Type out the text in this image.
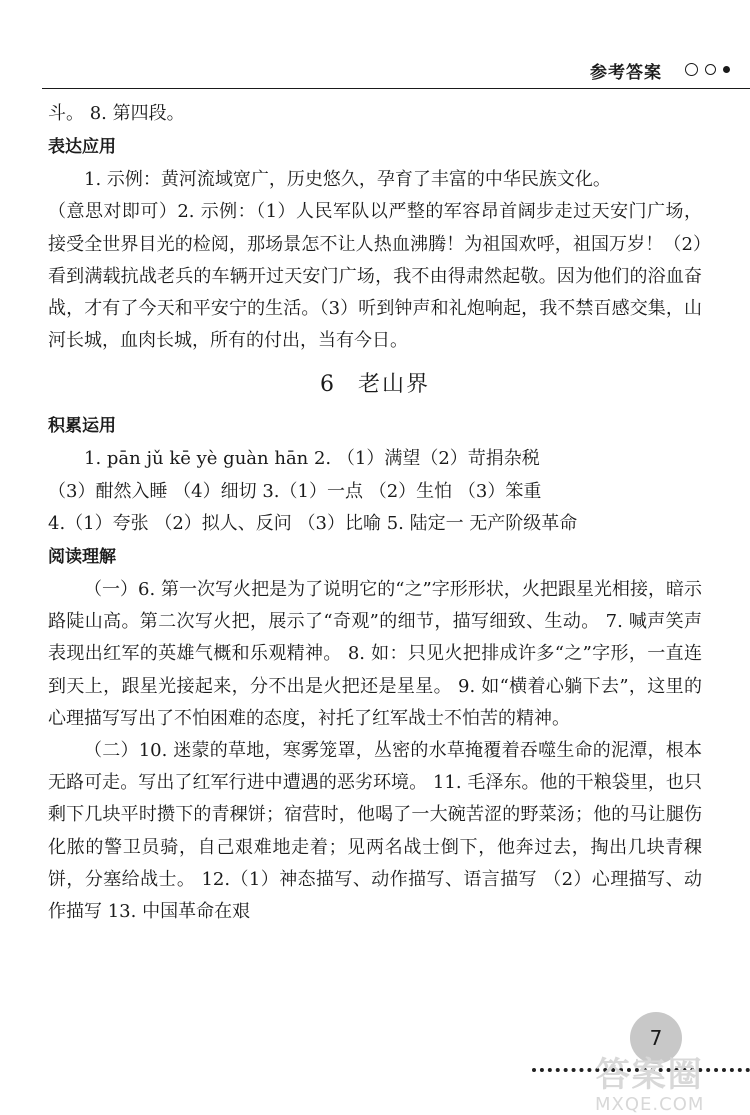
参考答案

斗。 8. 第四段。

表达应用

1. 示例：黄河流域宽广，历史悠久，孕育了丰富的中华民族文化。

（意思对即可）2. 示例：（1）人民军队以严整的军容昂首阔步走过天安门广场，接受全世界目光的检阅，那场景怎不让人热血沸腾！为祖国欢呼，祖国万岁！（2）看到满载抗战老兵的车辆开过天安门广场，我不由得肃然起敬。因为他们的浴血奋战，才有了今天和平安宁的生活。（3）听到钟声和礼炮响起，我不禁百感交集，山河长城，血肉长城，所有的付出，当有今日。

6 老山界

积累运用

1. pān jǔ kē yè guàn hān 2. （1）满望（2）苛捐杂税

（3）酣然入睡 （4）细切 3.（1）一点 （2）生怕 （3）笨重

4.（1）夸张 （2）拟人、反问 （3）比喻 5. 陆定一 无产阶级革命

阅读理解

（一）6. 第一次写火把是为了说明它的“之”字形形状，火把跟星光相接，暗示路陡山高。第二次写火把，展示了“奇观”的细节，描写细致、生动。 7. 喊声笑声表现出红军的英雄气概和乐观精神。 8. 如：只见火把排成许多“之”字形，一直连到天上，跟星光接起来，分不出是火把还是星星。 9. 如“横着心躺下去”，这里的心理描写写出了不怕困难的态度，衬托了红军战士不怕苦的精神。

（二）10. 迷蒙的草地，寒雾笼罩，丛密的水草掩覆着吞噬生命的泥潭，根本无路可走。写出了红军行进中遭遇的恶劣环境。 11. 毛泽东。他的干粮袋里，也只剩下几块平时攒下的青稞饼；宿营时，他喝了一大碗苦涩的野菜汤；他的马让腿伤化脓的警卫员骑，自己艰难地走着；见两名战士倒下，他奔过去，掏出几块青稞饼，分塞给战士。 12.（1）神态描写、动作描写、语言描写 （2）心理描写、动作描写 13. 中国革命在艰

7
答案圈
MXQE.COM
